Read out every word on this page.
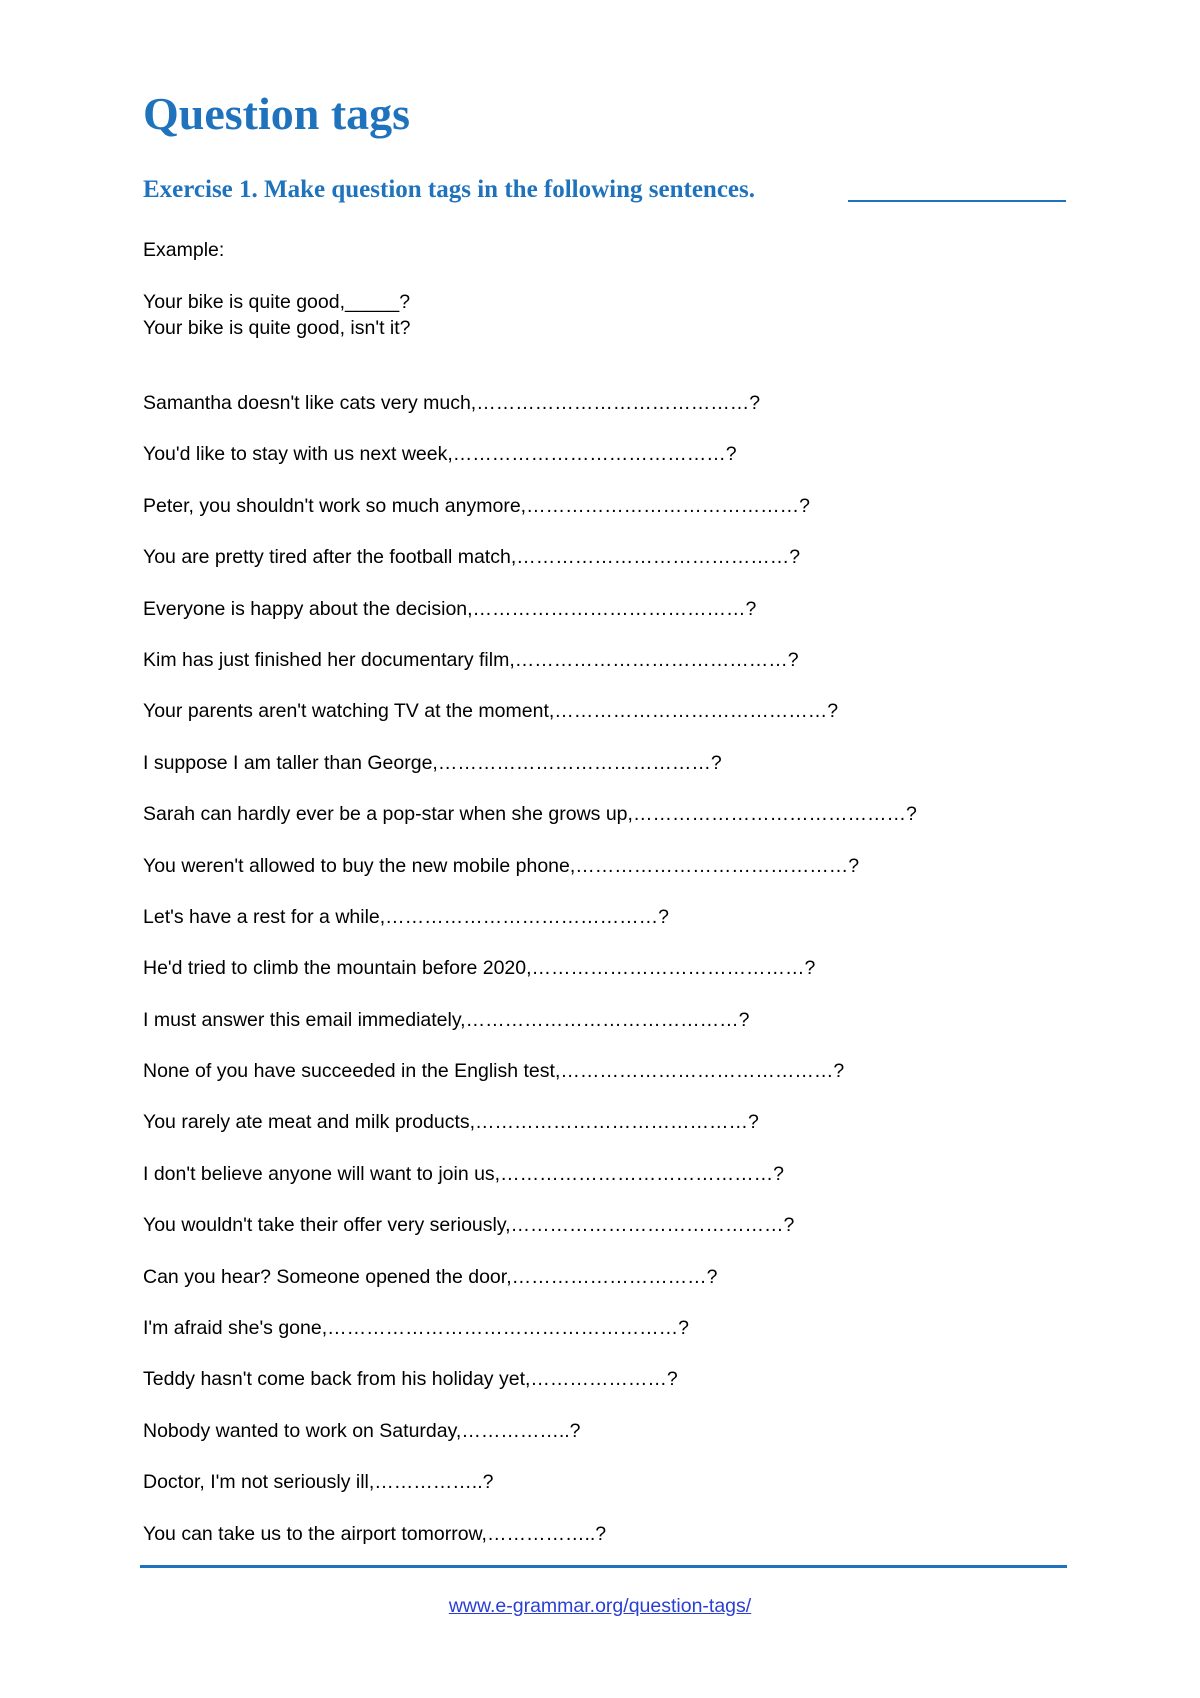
Question tags
Exercise 1. Make question tags in the following sentences.

Example:

Your bike is quite good,_____?

Your bike is quite good, isn't it?

Samantha doesn't like cats very much,……………………………………?
You'd like to stay with us next week,……………………………………?
Peter, you shouldn't work so much anymore,……………………………………?
You are pretty tired after the football match,……………………………………?
Everyone is happy about the decision,……………………………………?
Kim has just finished her documentary film,……………………………………?
Your parents aren't watching TV at the moment,……………………………………?
I suppose I am taller than George,……………………………………?
Sarah can hardly ever be a pop-star when she grows up,……………………………………?
You weren't allowed to buy the new mobile phone,……………………………………?
Let's have a rest for a while,……………………………………?
He'd tried to climb the mountain before 2020,……………………………………?
I must answer this email immediately,……………………………………?
None of you have succeeded in the English test,……………………………………?
You rarely ate meat and milk products,……………………………………?
I don't believe anyone will want to join us,……………………………………?
You wouldn't take their offer very seriously,……………………………………?
Can you hear? Someone opened the door,…………………………?
I'm afraid she's gone,………………………………………………?
Teddy hasn't come back from his holiday yet,…………………?
Nobody wanted to work on Saturday,……………..?
Doctor, I'm not seriously ill,……………..?
You can take us to the airport tomorrow,……………..?
www.e-grammar.org/question-tags/
